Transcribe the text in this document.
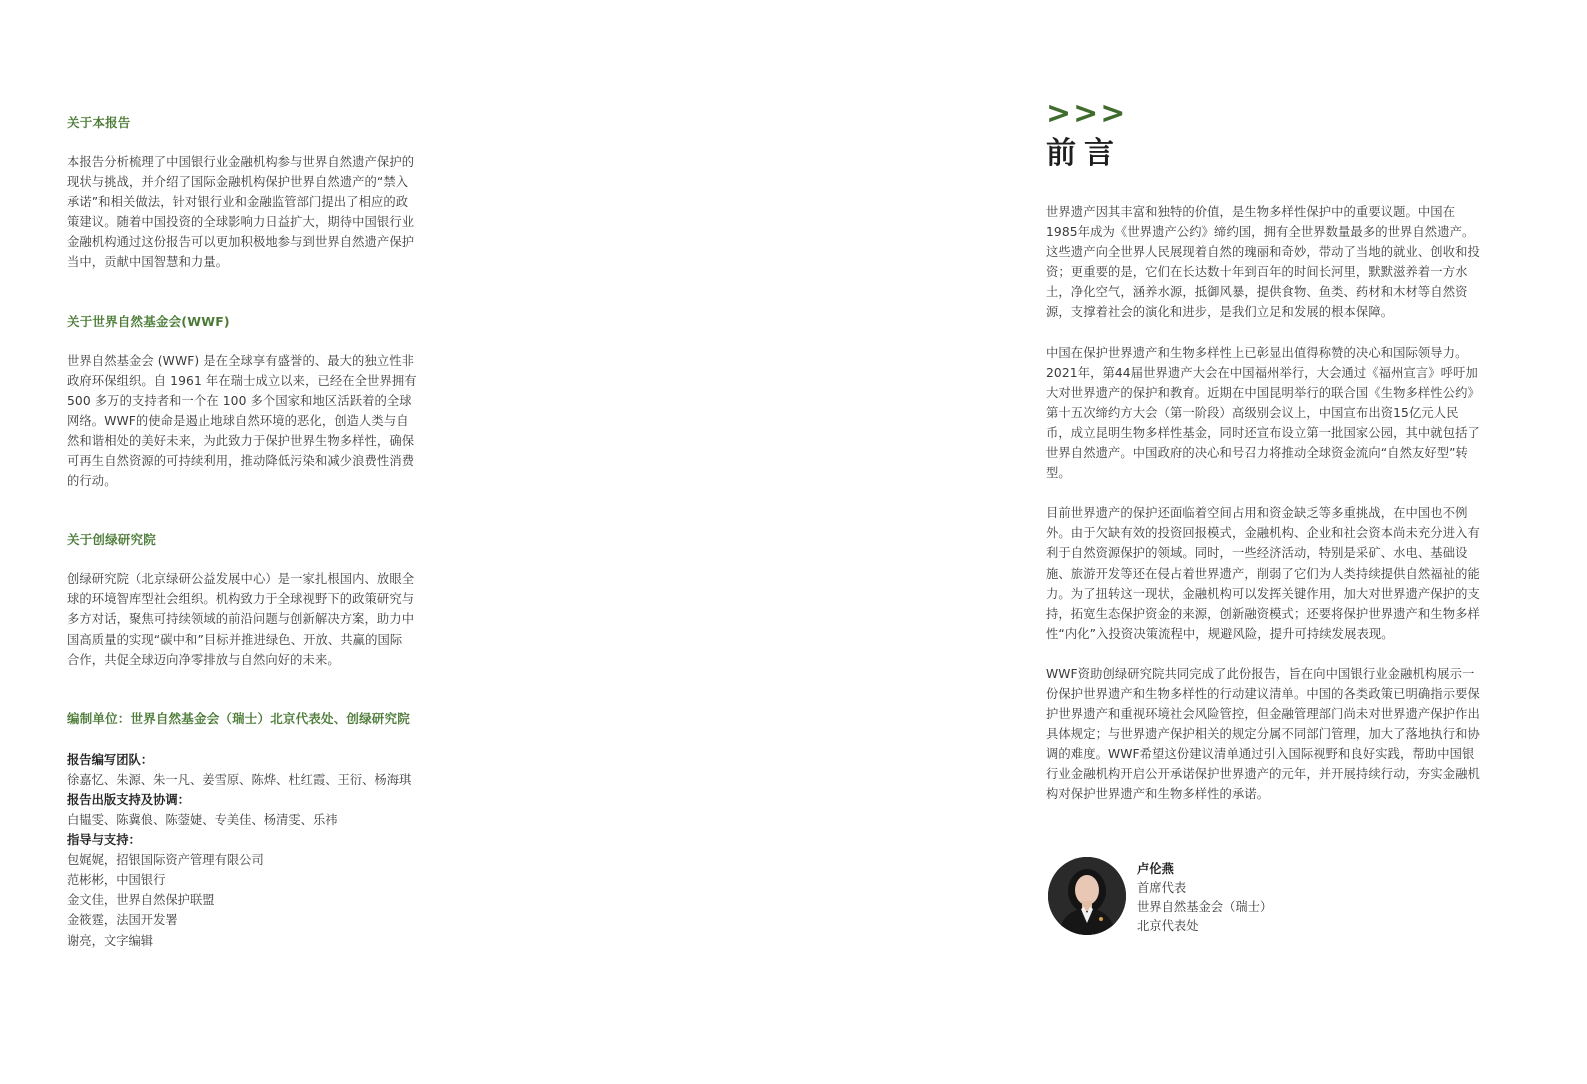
关于本报告
本报告分析梳理了中国银行业金融机构参与世界自然遗产保护的
现状与挑战，并介绍了国际金融机构保护世界自然遗产的“禁入
承诺”和相关做法，针对银行业和金融监管部门提出了相应的政
策建议。随着中国投资的全球影响力日益扩大，期待中国银行业
金融机构通过这份报告可以更加积极地参与到世界自然遗产保护
当中，贡献中国智慧和力量。
关于世界自然基金会(WWF)
世界自然基金会 (WWF) 是在全球享有盛誉的、最大的独立性非
政府环保组织。自 1961 年在瑞士成立以来，已经在全世界拥有
500 多万的支持者和一个在 100 多个国家和地区活跃着的全球
网络。WWF的使命是遏止地球自然环境的恶化，创造人类与自
然和谐相处的美好未来，为此致力于保护世界生物多样性，确保
可再生自然资源的可持续利用，推动降低污染和减少浪费性消费
的行动。
关于创绿研究院
创绿研究院（北京绿研公益发展中心）是一家扎根国内、放眼全
球的环境智库型社会组织。机构致力于全球视野下的政策研究与
多方对话，聚焦可持续领域的前沿问题与创新解决方案，助力中
国高质量的实现“碳中和”目标并推进绿色、开放、共赢的国际
合作，共促全球迈向净零排放与自然向好的未来。
编制单位：世界自然基金会（瑞士）北京代表处、创绿研究院
报告编写团队：
徐嘉忆、朱源、朱一凡、姜雪原、陈烨、杜红霞、王衍、杨海琪
报告出版支持及协调：
白韫雯、陈冀俍、陈蓥婕、专美佳、杨清雯、乐祎
指导与支持：
包娓娓，招银国际资产管理有限公司
范彬彬，中国银行
金文佳，世界自然保护联盟
金筱霆，法国开发署
谢亮，文字编辑
>>>
前言
世界遗产因其丰富和独特的价值，是生物多样性保护中的重要议题。中国在
1985年成为《世界遗产公约》缔约国，拥有全世界数量最多的世界自然遗产。
这些遗产向全世界人民展现着自然的瑰丽和奇妙，带动了当地的就业、创收和投
资；更重要的是，它们在长达数十年到百年的时间长河里，默默滋养着一方水
土，净化空气，涵养水源，抵御风暴，提供食物、鱼类、药材和木材等自然资
源，支撑着社会的演化和进步，是我们立足和发展的根本保障。
中国在保护世界遗产和生物多样性上已彰显出值得称赞的决心和国际领导力。
2021年，第44届世界遗产大会在中国福州举行，大会通过《福州宣言》呼吁加
大对世界遗产的保护和教育。近期在中国昆明举行的联合国《生物多样性公约》
第十五次缔约方大会（第一阶段）高级别会议上，中国宣布出资15亿元人民
币，成立昆明生物多样性基金，同时还宣布设立第一批国家公园，其中就包括了
世界自然遗产。中国政府的决心和号召力将推动全球资金流向“自然友好型”转
型。
目前世界遗产的保护还面临着空间占用和资金缺乏等多重挑战，在中国也不例
外。由于欠缺有效的投资回报模式，金融机构、企业和社会资本尚未充分进入有
利于自然资源保护的领域。同时，一些经济活动，特别是采矿、水电、基础设
施、旅游开发等还在侵占着世界遗产，削弱了它们为人类持续提供自然福祉的能
力。为了扭转这一现状，金融机构可以发挥关键作用，加大对世界遗产保护的支
持，拓宽生态保护资金的来源，创新融资模式；还要将保护世界遗产和生物多样
性“内化”入投资决策流程中，规避风险，提升可持续发展表现。
WWF资助创绿研究院共同完成了此份报告，旨在向中国银行业金融机构展示一
份保护世界遗产和生物多样性的行动建议清单。中国的各类政策已明确指示要保
护世界遗产和重视环境社会风险管控，但金融管理部门尚未对世界遗产保护作出
具体规定；与世界遗产保护相关的规定分属不同部门管理，加大了落地执行和协
调的难度。WWF希望这份建议清单通过引入国际视野和良好实践，帮助中国银
行业金融机构开启公开承诺保护世界遗产的元年，并开展持续行动，夯实金融机
构对保护世界遗产和生物多样性的承诺。
卢伦燕
首席代表
世界自然基金会（瑞士）
北京代表处
